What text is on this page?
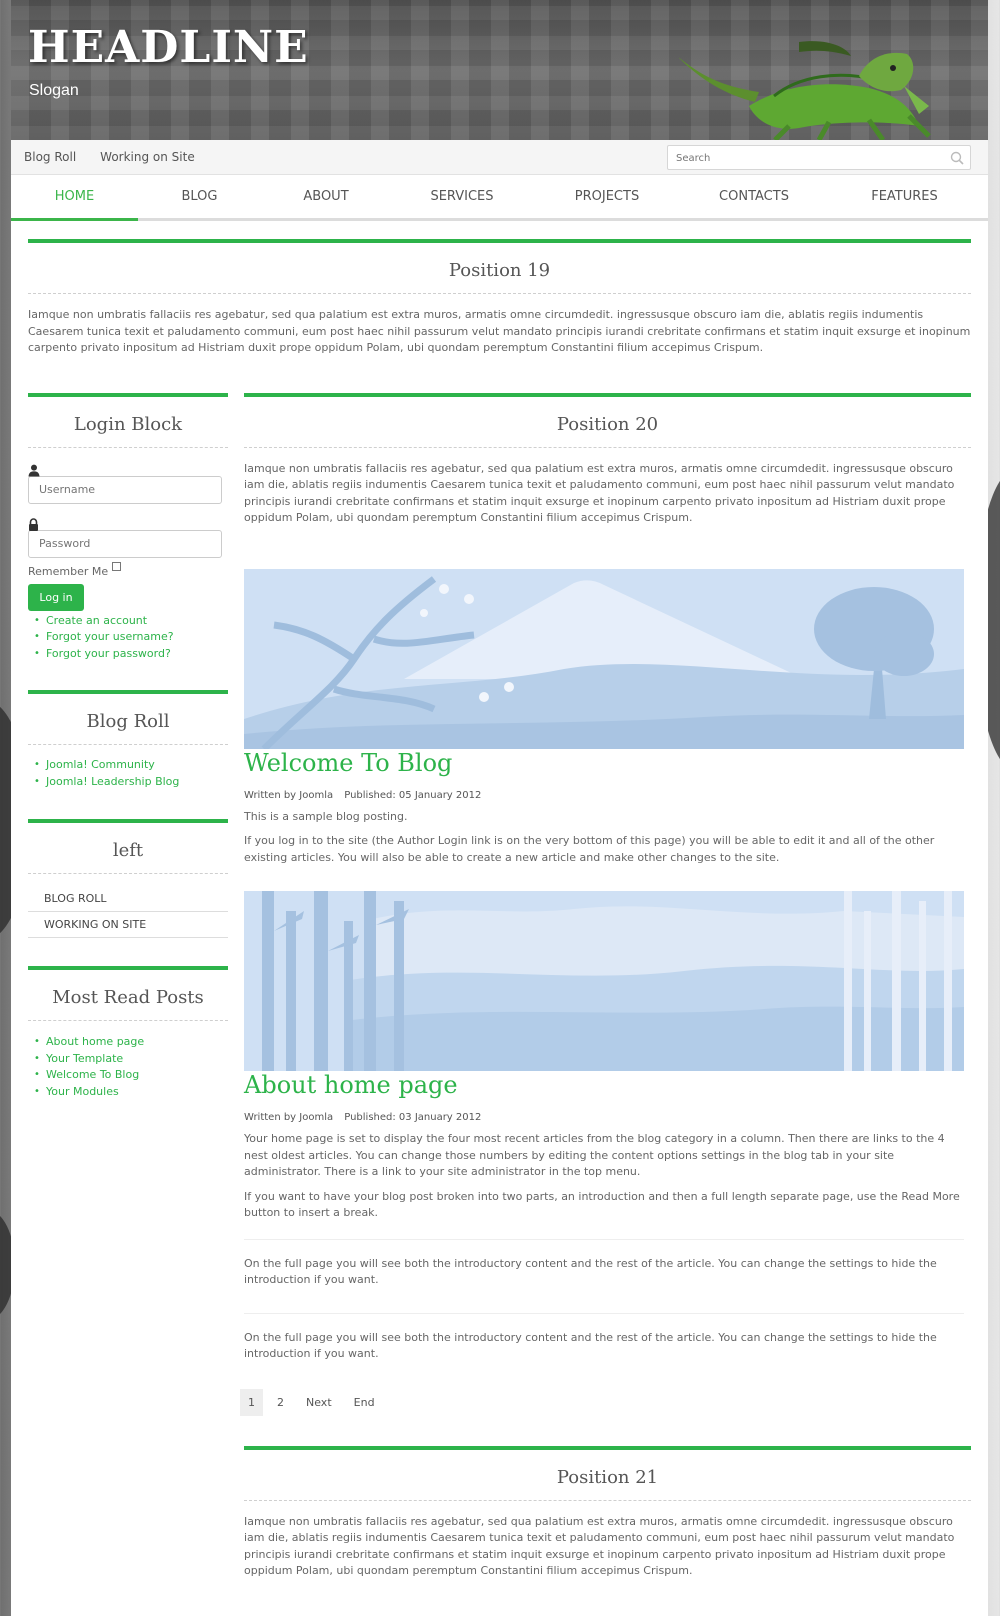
HEADLINE
Slogan
Blog Roll Working on Site
Search
HOME	BLOG	ABOUT	SERVICES	PROJECTS	CONTACTS	FEATURES
Position 19

Iamque non umbratis fallaciis res agebatur, sed qua palatium est extra muros, armatis omne circumdedit. ingressusque obscuro iam die, ablatis regiis indumentis Caesarem tunica texit et paludamento communi, eum post haec nihil passurum velut mandato principis iurandi crebritate confirmans et statim inquit exsurge et inopinum carpento privato inpositum ad Histriam duxit prope oppidum Polam, ubi quondam peremptum Constantini filium accepimus Crispum.

Login Block
Username
Remember Me
Log in
• Create an account
• Forgot your username?
• Forgot your password?
Blog Roll
• Joomla! Community
• Joomla! Leadership Blog
left
BLOG ROLL
WORKING ON SITE
Most Read Posts
• About home page
• Your Template
• Welcome To Blog
• Your Modules
Position 20

Iamque non umbratis fallaciis res agebatur, sed qua palatium est extra muros, armatis omne circumdedit. ingressusque obscuro iam die, ablatis regiis indumentis Caesarem tunica texit et paludamento communi, eum post haec nihil passurum velut mandato principis iurandi crebritate confirmans et statim inquit exsurge et inopinum carpento privato inpositum ad Histriam duxit prope oppidum Polam, ubi quondam peremptum Constantini filium accepimus Crispum.

Welcome To Blog
Written by Joomla Published: 05 January 2012

This is a sample blog posting.

If you log in to the site (the Author Login link is on the very bottom of this page) you will be able to edit it and all of the other existing articles. You will also be able to create a new article and make other changes to the site.

About home page
Written by Joomla Published: 03 January 2012

Your home page is set to display the four most recent articles from the blog category in a column. Then there are links to the 4 nest oldest articles. You can change those numbers by editing the content options settings in the blog tab in your site administrator. There is a link to your site administrator in the top menu.

If you want to have your blog post broken into two parts, an introduction and then a full length separate page, use the Read More button to insert a break.

On the full page you will see both the introductory content and the rest of the article. You can change the settings to hide the introduction if you want.

On the full page you will see both the introductory content and the rest of the article. You can change the settings to hide the introduction if you want.

1	2	Next	End
Position 21

Iamque non umbratis fallaciis res agebatur, sed qua palatium est extra muros, armatis omne circumdedit. ingressusque obscuro iam die, ablatis regiis indumentis Caesarem tunica texit et paludamento communi, eum post haec nihil passurum velut mandato principis iurandi crebritate confirmans et statim inquit exsurge et inopinum carpento privato inpositum ad Histriam duxit prope oppidum Polam, ubi quondam peremptum Constantini filium accepimus Crispum.
